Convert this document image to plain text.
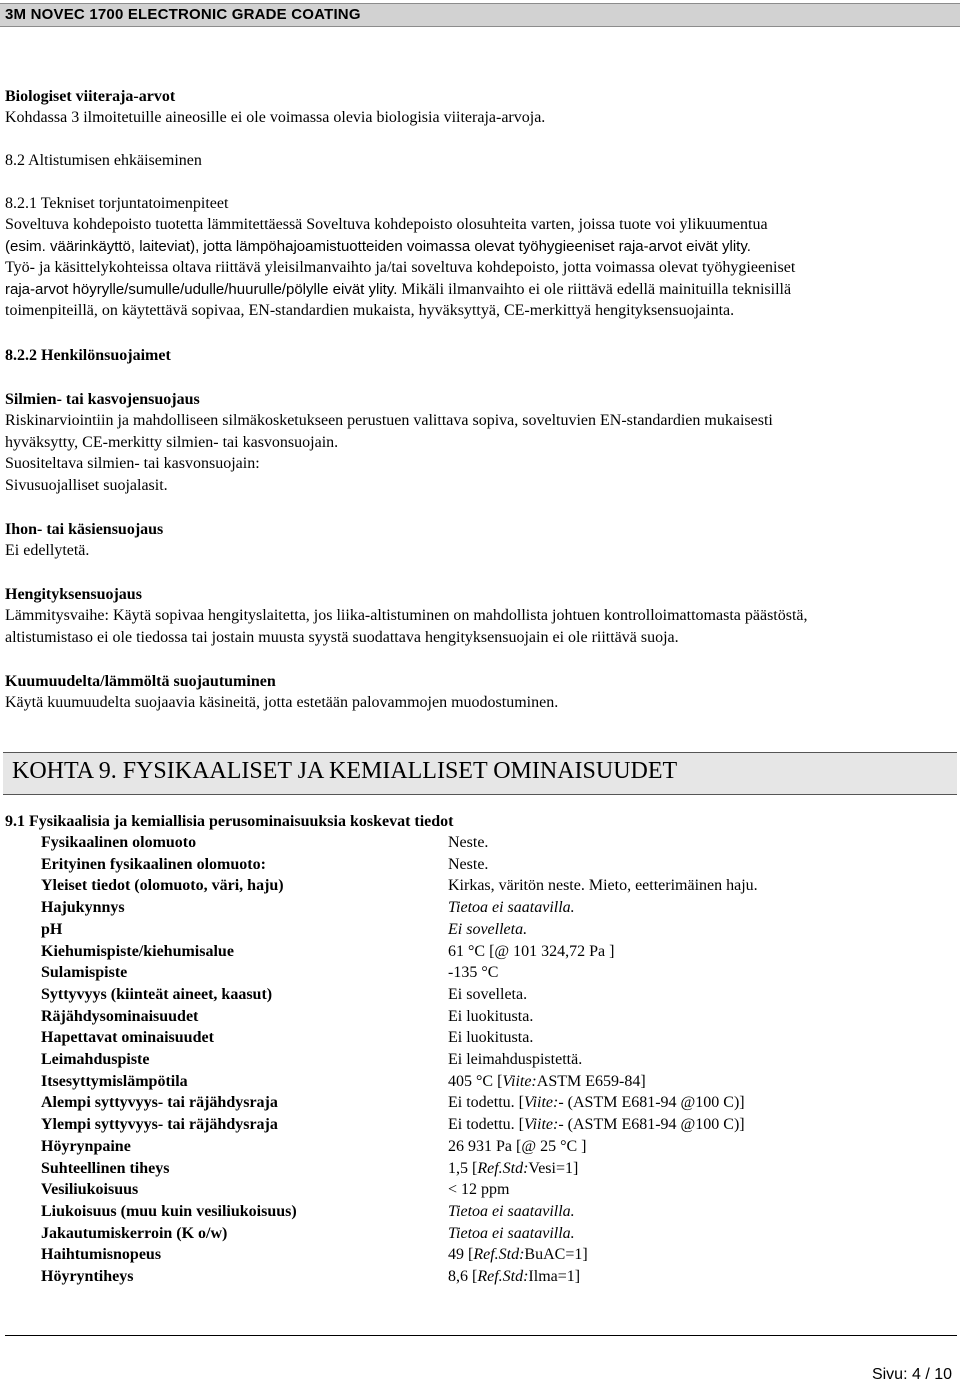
3M NOVEC 1700 ELECTRONIC GRADE COATING
Biologiset viiteraja-arvot
Kohdassa 3 ilmoitetuille aineosille ei ole voimassa olevia biologisia viiteraja-arvoja.
8.2 Altistumisen ehkäiseminen
8.2.1 Tekniset torjuntatoimenpiteet
Soveltuva kohdepoisto tuotetta lämmitettäessä Soveltuva kohdepoisto olosuhteita varten, joissa tuote voi ylikuumentua
(esim. väärinkäyttö, laiteviat), jotta lämpöhajoamistuotteiden voimassa olevat työhygieeniset raja-arvot eivät ylity.
Työ- ja käsittelykohteissa oltava riittävä yleisilmanvaihto ja/tai soveltuva kohdepoisto, jotta voimassa olevat työhygieeniset
raja-arvot höyrylle/sumulle/udulle/huurulle/pölylle eivät ylity. Mikäli ilmanvaihto ei ole riittävä edellä mainituilla teknisillä
toimenpiteillä, on käytettävä sopivaa, EN-standardien mukaista, hyväksyttyä, CE-merkittyä hengityksensuojainta.
8.2.2 Henkilönsuojaimet
Silmien- tai kasvojensuojaus
Riskinarviointiin ja mahdolliseen silmäkosketukseen perustuen valittava sopiva, soveltuvien EN-standardien mukaisesti
hyväksytty, CE-merkitty silmien- tai kasvonsuojain.
Suositeltava silmien- tai kasvonsuojain:
Sivusuojalliset suojalasit.
Ihon- tai käsiensuojaus
Ei edellytetä.
Hengityksensuojaus
Lämmitysvaihe: Käytä sopivaa hengityslaitetta, jos liika-altistuminen on mahdollista johtuen kontrolloimattomasta päästöstä,
altistumistaso ei ole tiedossa tai jostain muusta syystä suodattava hengityksensuojain ei ole riittävä suoja.
Kuumuudelta/lämmöltä suojautuminen
Käytä kuumuudelta suojaavia käsineitä, jotta estetään palovammojen muodostuminen.
KOHTA 9. FYSIKAALISET JA KEMIALLISET OMINAISUUDET
9.1 Fysikaalisia ja kemiallisia perusominaisuuksia koskevat tiedot
Fysikaalinen olomuoto	Neste.
Erityinen fysikaalinen olomuoto:	Neste.
Yleiset tiedot (olomuoto, väri, haju)	Kirkas, väritön neste. Mieto, eetterimäinen haju.
Hajukynnys	Tietoa ei saatavilla.
pH	Ei sovelleta.
Kiehumispiste/kiehumisalue	61 °C [@ 101 324,72 Pa ]
Sulamispiste	-135 °C
Syttyvyys (kiinteät aineet, kaasut)	Ei sovelleta.
Räjähdysominaisuudet	Ei luokitusta.
Hapettavat ominaisuudet	Ei luokitusta.
Leimahduspiste	Ei leimahduspistettä.
Itsesyttymislämpötila	405 °C [Viite:ASTM E659-84]
Alempi syttyvyys- tai räjähdysraja	Ei todettu. [Viite:- (ASTM E681-94 @100 C)]
Ylempi syttyvyys- tai räjähdysraja	Ei todettu. [Viite:- (ASTM E681-94 @100 C)]
Höyrynpaine	26 931 Pa [@ 25 °C ]
Suhteellinen tiheys	1,5 [Ref.Std:Vesi=1]
Vesiliukoisuus	< 12 ppm
Liukoisuus (muu kuin vesiliukoisuus)	Tietoa ei saatavilla.
Jakautumiskerroin (K o/w)	Tietoa ei saatavilla.
Haihtumisnopeus	49 [Ref.Std:BuAC=1]
Höyryntiheys	8,6 [Ref.Std:Ilma=1]
Sivu: 4 / 10
